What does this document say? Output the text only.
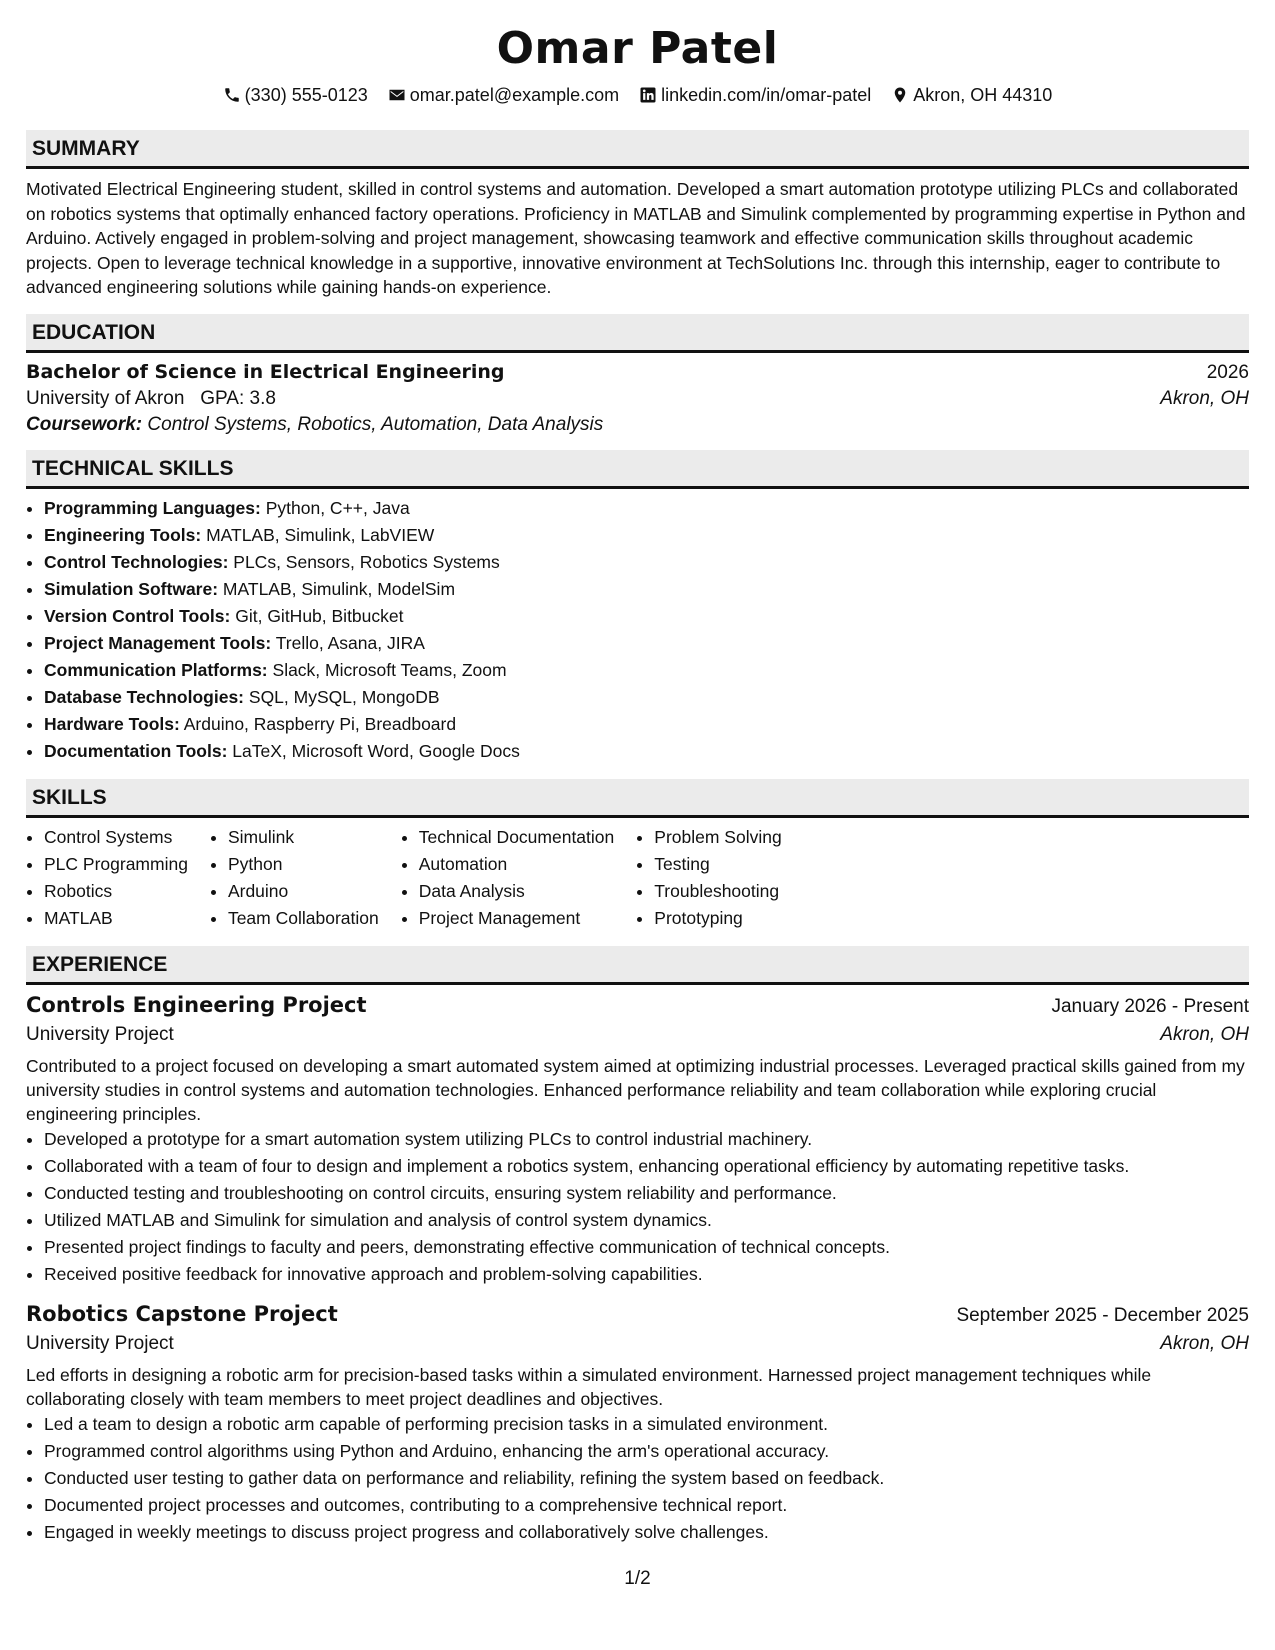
Omar Patel
(330) 555-0123 omar.patel@example.com linkedin.com/in/omar-patel Akron, OH 44310
SUMMARY
Motivated Electrical Engineering student, skilled in control systems and automation. Developed a smart automation prototype utilizing PLCs and collaborated on robotics systems that optimally enhanced factory operations. Proficiency in MATLAB and Simulink complemented by programming expertise in Python and Arduino. Actively engaged in problem-solving and project management, showcasing teamwork and effective communication skills throughout academic projects. Open to leverage technical knowledge in a supportive, innovative environment at TechSolutions Inc. through this internship, eager to contribute to advanced engineering solutions while gaining hands-on experience.
EDUCATION
Bachelor of Science in Electrical Engineering	2026
University of Akron   GPA: 3.8	Akron, OH
Coursework: Control Systems, Robotics, Automation, Data Analysis
TECHNICAL SKILLS
• Programming Languages: Python, C++, Java
• Engineering Tools: MATLAB, Simulink, LabVIEW
• Control Technologies: PLCs, Sensors, Robotics Systems
• Simulation Software: MATLAB, Simulink, ModelSim
• Version Control Tools: Git, GitHub, Bitbucket
• Project Management Tools: Trello, Asana, JIRA
• Communication Platforms: Slack, Microsoft Teams, Zoom
• Database Technologies: SQL, MySQL, MongoDB
• Hardware Tools: Arduino, Raspberry Pi, Breadboard
• Documentation Tools: LaTeX, Microsoft Word, Google Docs
SKILLS
• Control Systems
• PLC Programming
• Robotics
• MATLAB
• Simulink
• Python
• Arduino
• Team Collaboration
• Technical Documentation
• Automation
• Data Analysis
• Project Management
• Problem Solving
• Testing
• Troubleshooting
• Prototyping
EXPERIENCE
Controls Engineering Project	January 2026 - Present
University Project	Akron, OH
Contributed to a project focused on developing a smart automated system aimed at optimizing industrial processes. Leveraged practical skills gained from my university studies in control systems and automation technologies. Enhanced performance reliability and team collaboration while exploring crucial engineering principles.
• Developed a prototype for a smart automation system utilizing PLCs to control industrial machinery.
• Collaborated with a team of four to design and implement a robotics system, enhancing operational efficiency by automating repetitive tasks.
• Conducted testing and troubleshooting on control circuits, ensuring system reliability and performance.
• Utilized MATLAB and Simulink for simulation and analysis of control system dynamics.
• Presented project findings to faculty and peers, demonstrating effective communication of technical concepts.
• Received positive feedback for innovative approach and problem-solving capabilities.
Robotics Capstone Project	September 2025 - December 2025
University Project	Akron, OH
Led efforts in designing a robotic arm for precision-based tasks within a simulated environment. Harnessed project management techniques while collaborating closely with team members to meet project deadlines and objectives.
• Led a team to design a robotic arm capable of performing precision tasks in a simulated environment.
• Programmed control algorithms using Python and Arduino, enhancing the arm's operational accuracy.
• Conducted user testing to gather data on performance and reliability, refining the system based on feedback.
• Documented project processes and outcomes, contributing to a comprehensive technical report.
• Engaged in weekly meetings to discuss project progress and collaboratively solve challenges.
1/2
